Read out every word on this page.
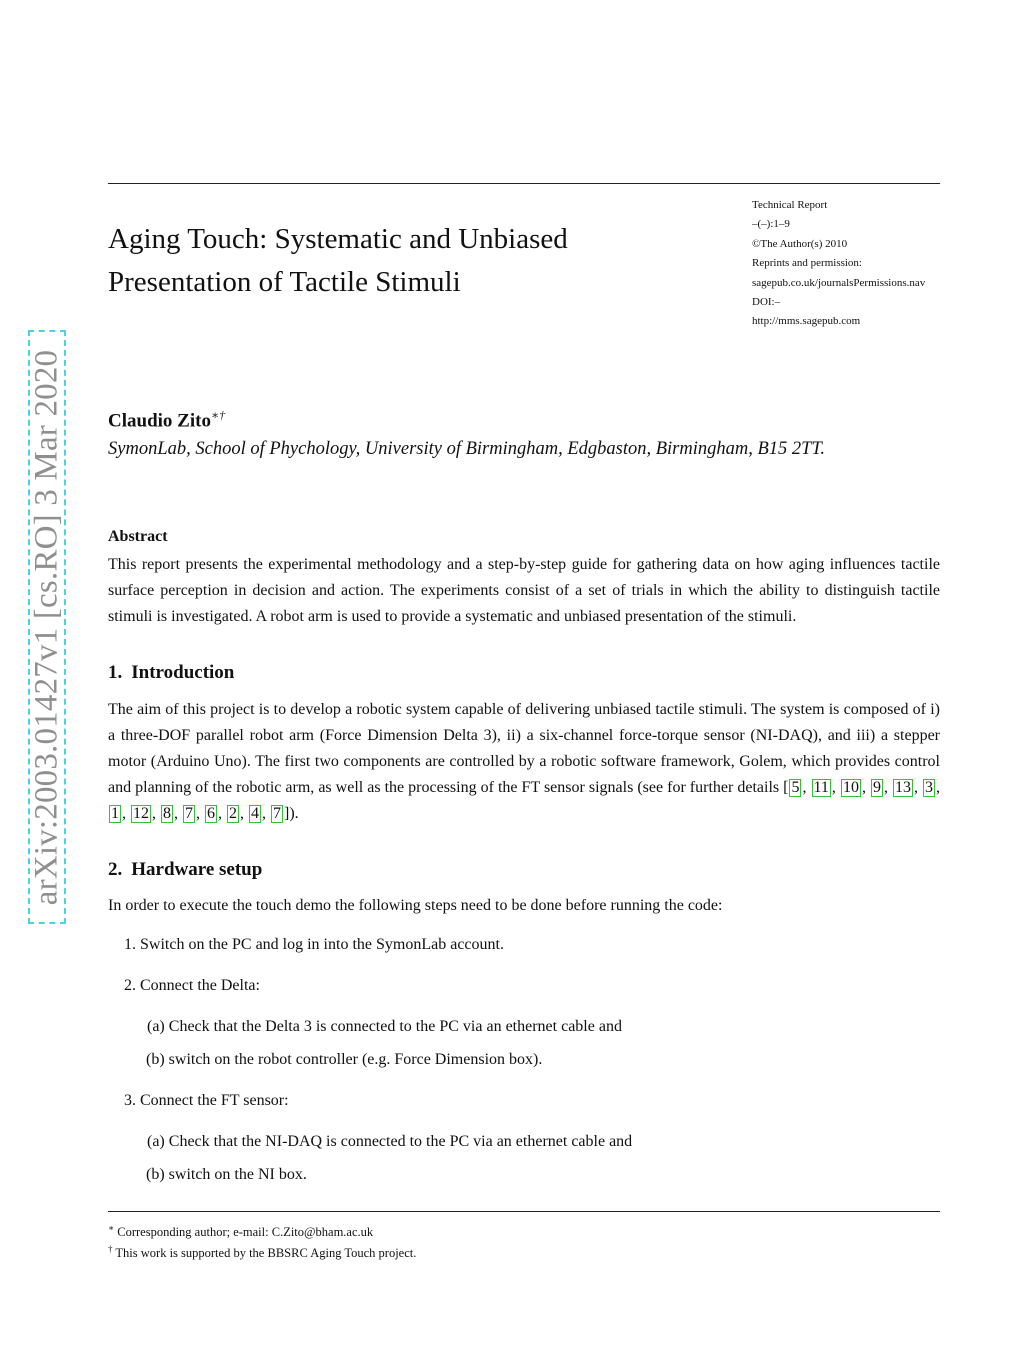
Aging Touch: Systematic and Unbiased
Presentation of Tactile Stimuli
Technical Report
–(–):1–9
©The Author(s) 2010
Reprints and permission:
sagepub.co.uk/journalsPermissions.nav
DOI:–
http://mms.sagepub.com
arXiv:2003.01427v1 [cs.RO] 3 Mar 2020 Claudio Zito∗†
SymonLab, School of Phychology, University of Birmingham, Edgbaston, Birmingham, B15 2TT.
Abstract

This report presents the experimental methodology and a step-by-step guide for gathering data on how aging influences tactile surface perception in decision and action. The experiments consist of a set of trials in which the ability to distinguish tactile stimuli is investigated. A robot arm is used to provide a systematic and unbiased presentation of the stimuli.

1. Introduction

The aim of this project is to develop a robotic system capable of delivering unbiased tactile stimuli. The system is composed of i) a three-DOF parallel robot arm (Force Dimension Delta 3), ii) a six-channel force-torque sensor (NI-DAQ), and iii) a stepper motor (Arduino Uno). The first two components are controlled by a robotic software framework, Golem, which provides control and planning of the robotic arm, as well as the processing of the FT sensor signals (see for further details [ 5 , 11 , 10 , 9 , 13 , 3 , 1 , 12 , 8 , 7 , 6 , 2 , 4 , 7 ]).

2. Hardware setup
In order to execute the touch demo the following steps need to be done before running the code:
1. Switch on the PC and log in into the SymonLab account.
2. Connect the Delta:
(a) Check that the Delta 3 is connected to the PC via an ethernet cable and
(b) switch on the robot controller (e.g. Force Dimension box).
3. Connect the FT sensor:
(a) Check that the NI-DAQ is connected to the PC via an ethernet cable and
(b) switch on the NI box.
∗ Corresponding author; e-mail: C.Zito@bham.ac.uk
† This work is supported by the BBSRC Aging Touch project.
